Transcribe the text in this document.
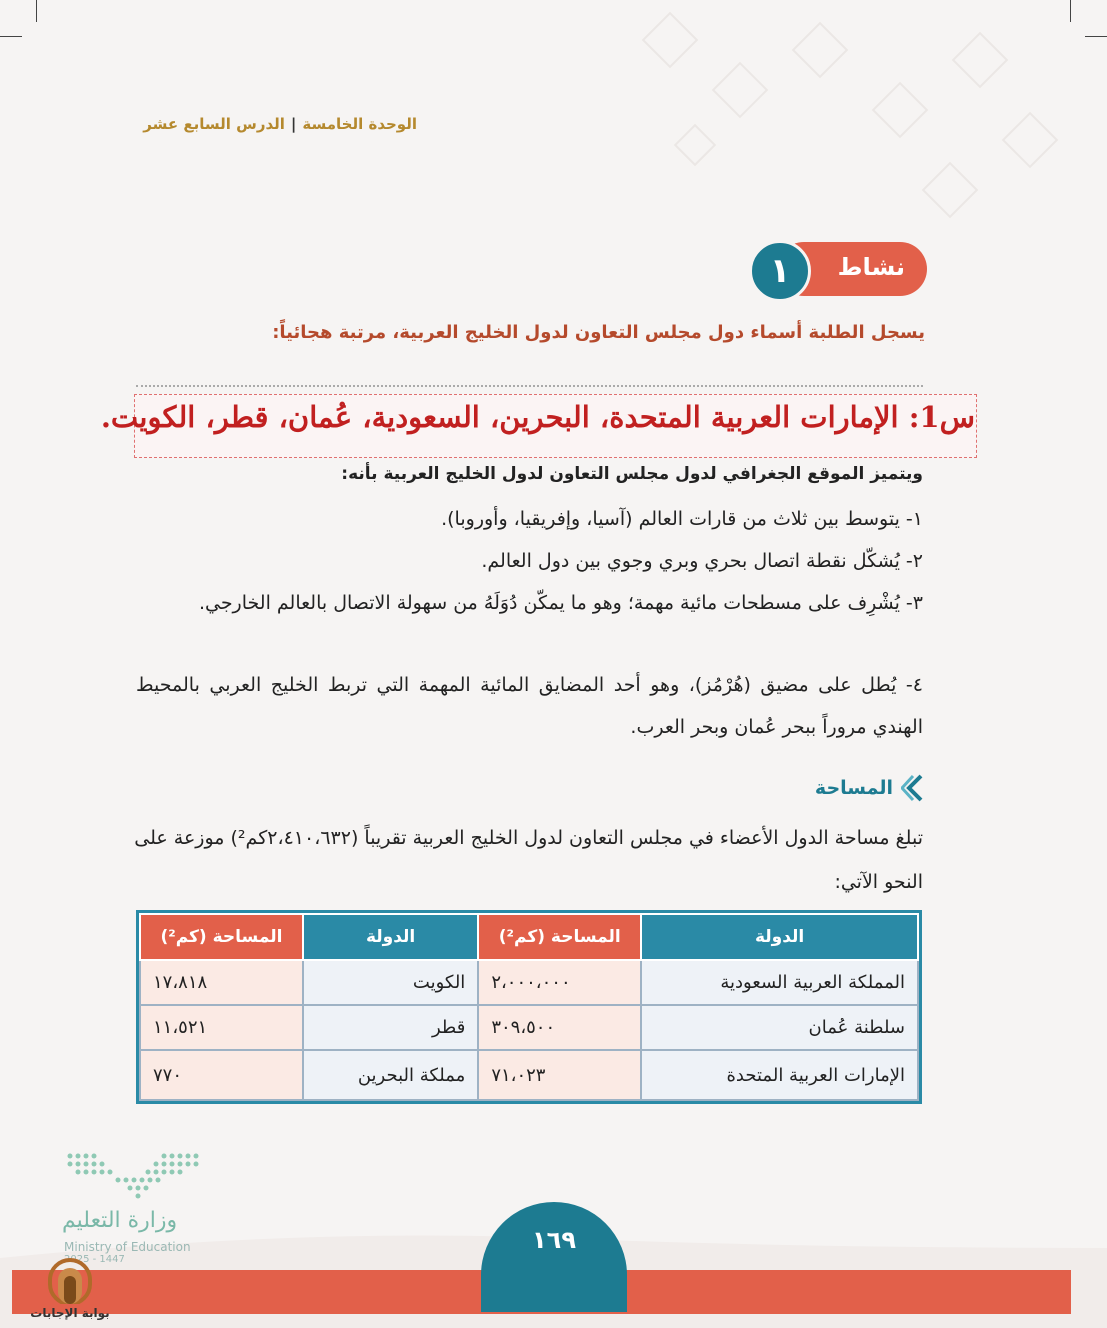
الوحدة الخامسة|الدرس السابع عشر
نشاط
١
يسجل الطلبة أسماء دول مجلس التعاون لدول الخليج العربية، مرتبة هجائياً:
س1: الإمارات العربية المتحدة، البحرين، السعودية، عُمان، قطر، الكويت.
ويتميز الموقع الجغرافي لدول مجلس التعاون لدول الخليج العربية بأنه:
١- يتوسط بين ثلاث من قارات العالم (آسيا، وإفريقيا، وأوروبا).
٢- يُشكّل نقطة اتصال بحري وبري وجوي بين دول العالم.
٣- يُشْرِف على مسطحات مائية مهمة؛ وهو ما يمكّن دُوَلَهُ من سهولة الاتصال بالعالم الخارجي.
٤- يُطل على مضيق (هُرْمُز)، وهو أحد المضايق المائية المهمة التي تربط الخليج العربي بالمحيط الهندي مروراً ببحر عُمان وبحر العرب.
المساحة
تبلغ مساحة الدول الأعضاء في مجلس التعاون لدول الخليج العربية تقريباً (٢،٤١٠،٦٣٢كم²) موزعة على النحو الآتي:
الدولة	المساحة (كم²)	الدولة	المساحة (كم²)
المملكة العربية السعودية	٢،٠٠٠،٠٠٠	الكويت	١٧،٨١٨
سلطنة عُمان	٣٠٩،٥٠٠	قطر	١١،٥٢١
الإمارات العربية المتحدة	٧١،٠٢٣	مملكة البحرين	٧٧٠
١٦٩
وزارة التعليم
Ministry of Education
2025 - 1447
بوابة الإجابات
